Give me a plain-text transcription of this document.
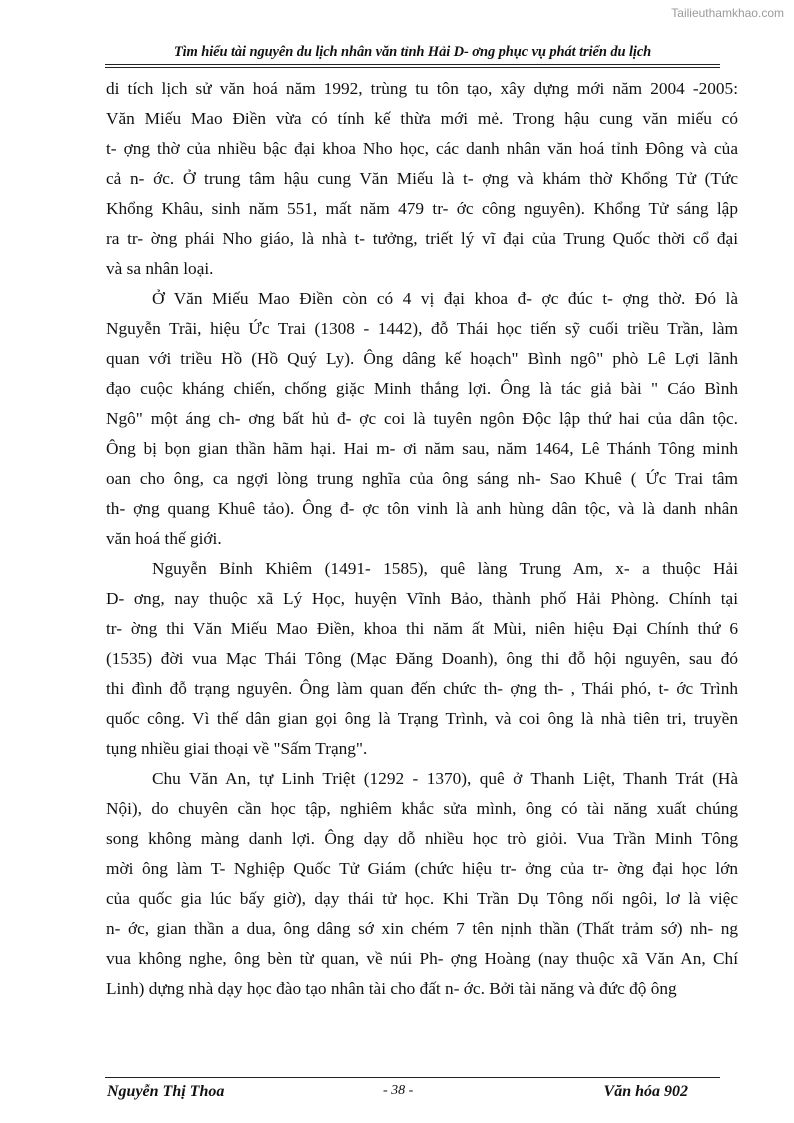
Tailieuthamkhao.com
Tìm hiểu tài nguyên du lịch nhân văn tỉnh Hải D- ơng phục vụ phát triển du lịch
di tích lịch sử văn hoá năm 1992, trùng tu tôn tạo, xây dựng mới năm 2004 -2005:
Văn Miếu Mao Điền vừa có tính kế thừa mới mẻ. Trong hậu cung văn miếu có
t- ợng thờ của nhiều bậc đại khoa Nho học, các danh nhân văn hoá tỉnh Đông và của
cả n- ớc. Ở trung tâm hậu cung Văn Miếu là t- ợng và khám thờ Khổng Tử (Tức
Khổng Khâu, sinh năm 551, mất năm 479 tr- ớc công nguyên). Khổng Tử sáng lập
ra tr- ờng phái Nho giáo, là nhà t- tưởng, triết lý vĩ đại của Trung Quốc thời cổ đại
và sa nhân loại.
Ở Văn Miếu Mao Điền còn có 4 vị đại khoa đ- ợc đúc t- ợng thờ. Đó là
Nguyễn Trãi, hiệu Ức Trai (1308 - 1442), đỗ Thái học tiến sỹ cuối triều Trần, làm
quan với triều Hồ (Hồ Quý Ly). Ông dâng kế hoạch" Bình ngô" phò Lê Lợi lãnh
đạo cuộc kháng chiến, chống giặc Minh thắng lợi. Ông là tác giả bài " Cáo Bình
Ngô" một áng ch- ơng bất hủ đ- ợc coi là tuyên ngôn Độc lập thứ hai của dân tộc.
Ông bị bọn gian thần hãm hại. Hai m- ơi năm sau, năm 1464, Lê Thánh Tông minh
oan cho ông, ca ngợi lòng trung nghĩa của ông sáng nh- Sao Khuê ( Ức Trai tâm
th- ợng quang Khuê tảo). Ông đ- ợc tôn vinh là anh hùng dân tộc, và là danh nhân
văn hoá thế giới.
Nguyễn Bỉnh Khiêm (1491- 1585), quê làng Trung Am, x- a thuộc Hải
D- ơng, nay thuộc xã Lý Học, huyện Vĩnh Bảo, thành phố Hải Phòng. Chính tại
tr- ờng thi Văn Miếu Mao Điền, khoa thi năm ất Mùi, niên hiệu Đại Chính thứ 6
(1535) đời vua Mạc Thái Tông (Mạc Đăng Doanh), ông thi đỗ hội nguyên, sau đó
thi đình đỗ trạng nguyên. Ông làm quan đến chức th- ợng th- , Thái phó, t- ớc Trình
quốc công. Vì thế dân gian gọi ông là Trạng Trình, và coi ông là nhà tiên tri, truyền
tụng nhiều giai thoại về "Sấm Trạng".
Chu Văn An, tự Linh Triệt (1292 - 1370), quê ở Thanh Liệt, Thanh Trát (Hà
Nội), do chuyên cần học tập, nghiêm khắc sửa mình, ông có tài năng xuất chúng
song không màng danh lợi. Ông dạy dỗ nhiều học trò giỏi. Vua Trần Minh Tông
mời ông làm T- Nghiệp Quốc Tử Giám (chức hiệu tr- ởng của tr- ờng đại học lớn
của quốc gia lúc bấy giờ), dạy thái tử học. Khi Trần Dụ Tông nối ngôi, lơ là việc
n- ớc, gian thần a dua, ông dâng sớ xin chém 7 tên nịnh thần (Thất trảm sớ) nh- ng
vua không nghe, ông bèn từ quan, về núi Ph- ợng Hoàng (nay thuộc xã Văn An, Chí
Linh) dựng nhà dạy học đào tạo nhân tài cho đất n- ớc. Bởi tài năng và đức độ ông
Nguyễn Thị Thoa	- 38 -	Văn hóa 902
